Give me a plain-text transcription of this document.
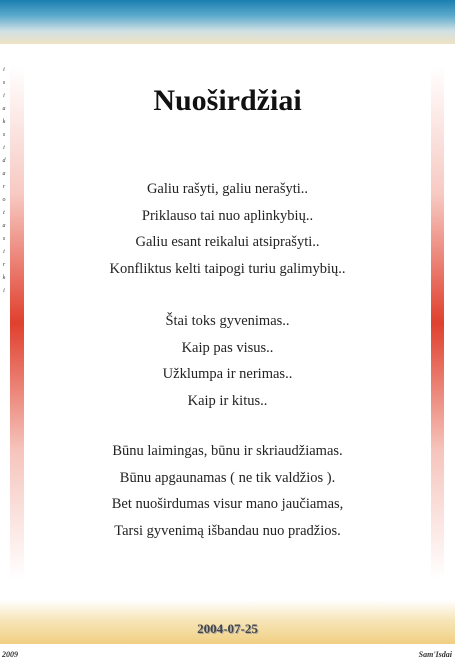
i
s
i
a
k
s
i
d
a
r
o
t
a
s
i
r
k
i
Nuoširdžiai
Galiu rašyti, galiu nerašyti..
Priklauso tai nuo aplinkybių..
Galiu esant reikalui atsiprašyti..
Konfliktus kelti taipogi turiu galimybių..
Štai toks gyvenimas..
Kaip pas visus..
Užklumpa ir nerimas..
Kaip ir kitus..
Būnu laimingas, būnu ir skriaudžiamas.
Būnu apgaunamas ( ne tik valdžios ).
Bet nuoširdumas visur mano jaučiamas,
Tarsi gyvenimą išbandau nuo pradžios.
2004-07-25
2009	Sam'Isdai
